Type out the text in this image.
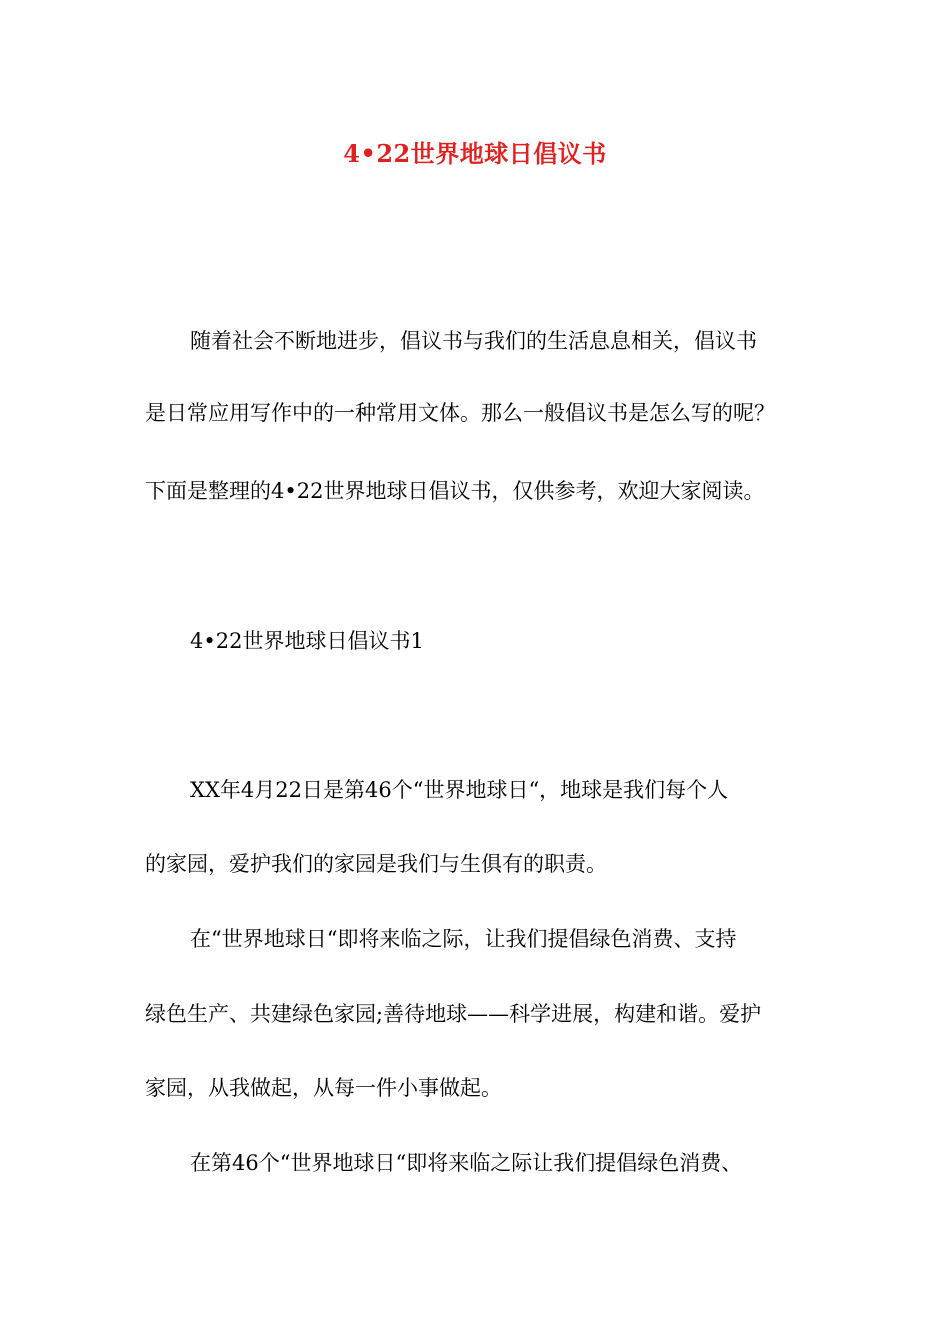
4•22世界地球日倡议书
随着社会不断地进步，倡议书与我们的生活息息相关，倡议书
是日常应用写作中的一种常用文体。那么一般倡议书是怎么写的呢？
下面是整理的4•22世界地球日倡议书，仅供参考，欢迎大家阅读。
4•22世界地球日倡议书1
XX年4月22日是第46个“世界地球日“，地球是我们每个人
的家园，爱护我们的家园是我们与生俱有的职责。
在“世界地球日“即将来临之际，让我们提倡绿色消费、支持
绿色生产、共建绿色家园;善待地球——科学进展，构建和谐。爱护
家园，从我做起，从每一件小事做起。
在第46个“世界地球日“即将来临之际让我们提倡绿色消费、
